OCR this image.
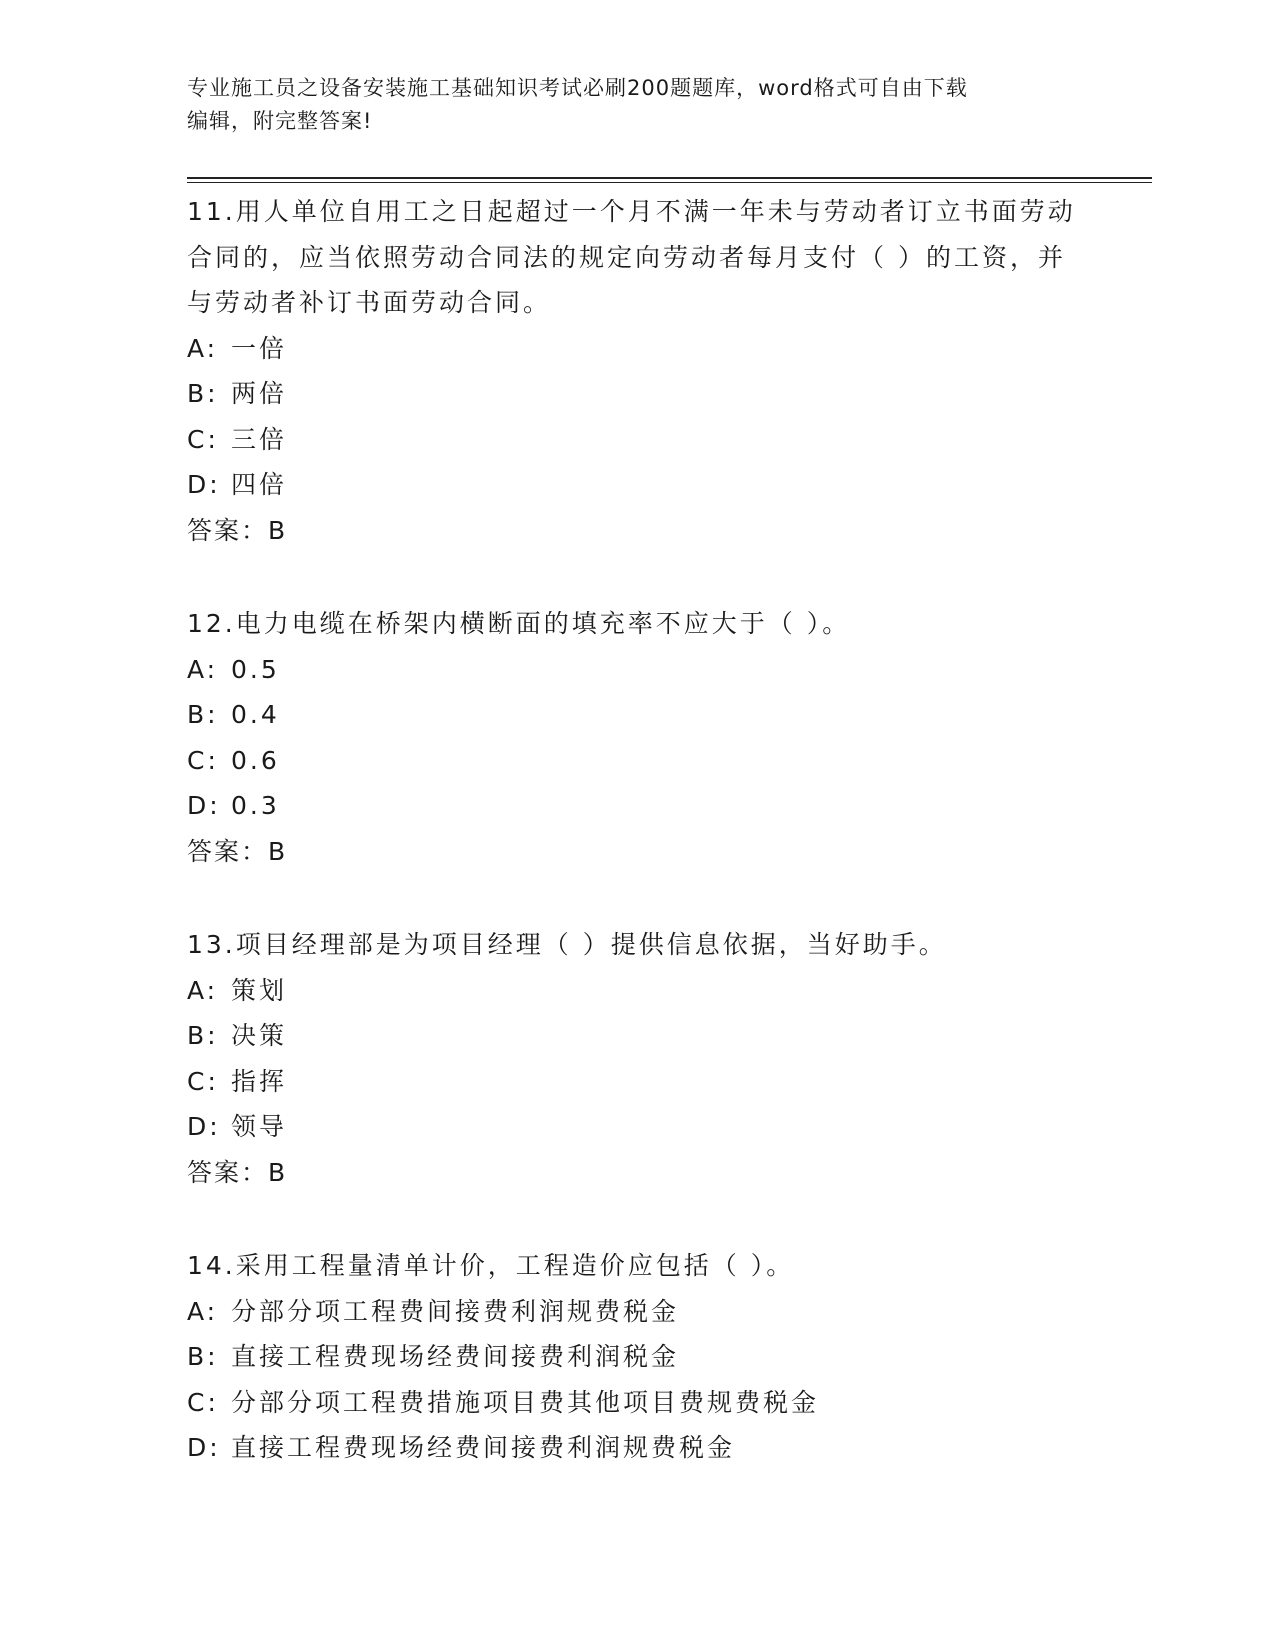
专业施工员之设备安装施工基础知识考试必刷200题题库，word格式可自由下载
编辑，附完整答案!
11.用人单位自用工之日起超过一个月不满一年未与劳动者订立书面劳动合同的，应当依照劳动合同法的规定向劳动者每月支付（ ）的工资，并与劳动者补订书面劳动合同。
A: 一倍
B: 两倍
C: 三倍
D: 四倍
答案：B
12.电力电缆在桥架内横断面的填充率不应大于（ ）。
A: 0.5
B: 0.4
C: 0.6
D: 0.3
答案：B
13.项目经理部是为项目经理（ ）提供信息依据，当好助手。
A: 策划
B: 决策
C: 指挥
D: 领导
答案：B
14.采用工程量清单计价，工程造价应包括（ ）。
A: 分部分项工程费间接费利润规费税金
B: 直接工程费现场经费间接费利润税金
C: 分部分项工程费措施项目费其他项目费规费税金
D: 直接工程费现场经费间接费利润规费税金
